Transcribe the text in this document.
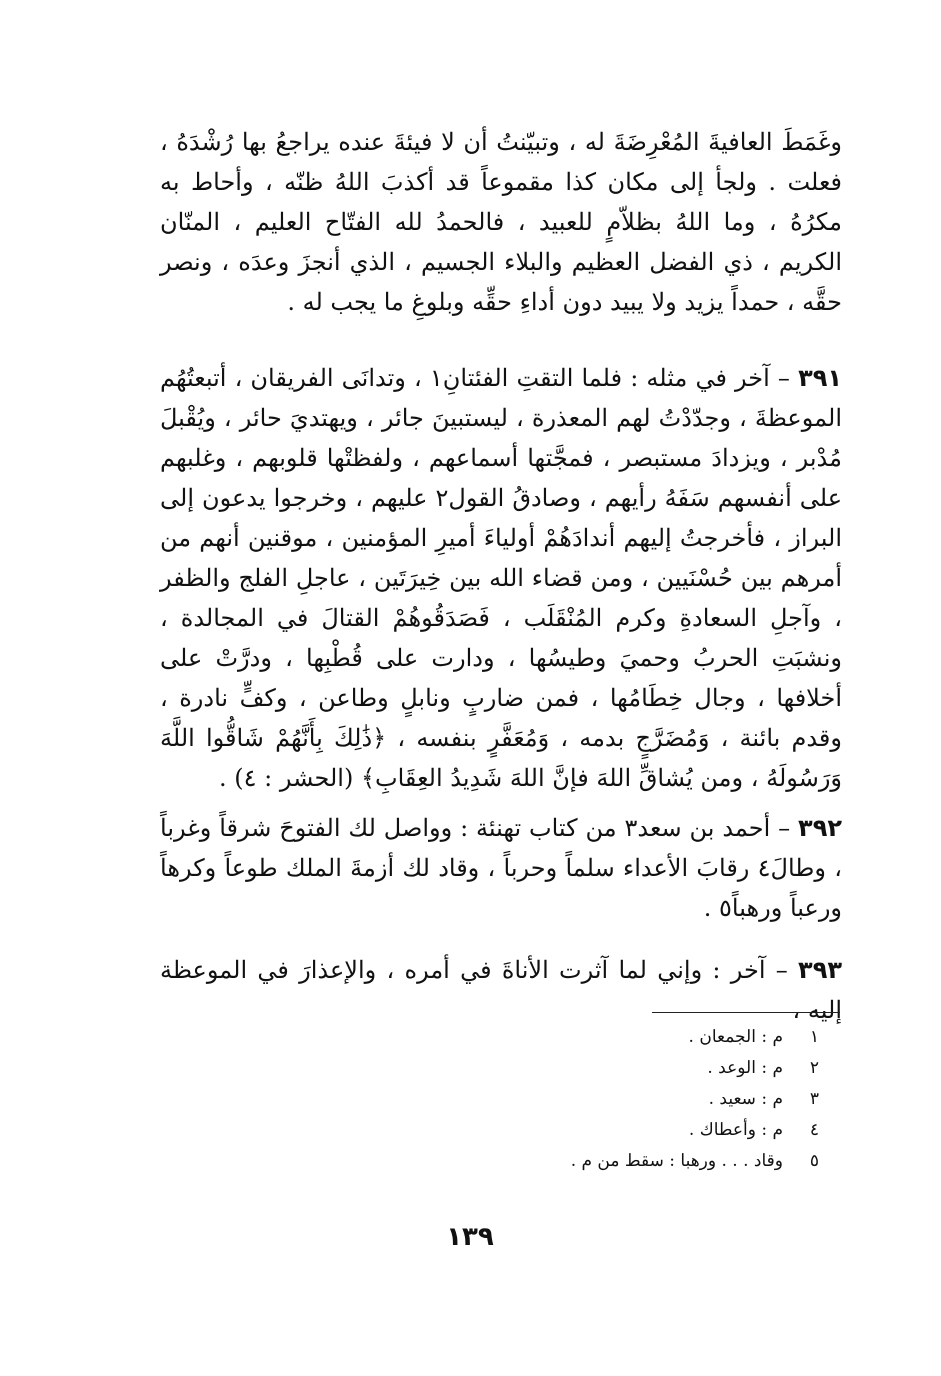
وغَمَطَ العافيةَ المُعْرِضَةَ له ، وتبيّنتُ أن لا فيئةَ عنده يراجعُ بها رُشْدَهُ ، فعلت . ولجأ إلى مكان كذا مقموعاً قد أكذبَ اللهُ ظنّه ، وأحاط به مكرُهُ ، وما اللهُ بظلاّمٍ للعبيد ، فالحمدُ لله الفتّاح العليم ، المنّان الكريم ، ذي الفضل العظيم والبلاء الجسيم ، الذي أنجزَ وعدَه ، ونصر حقَّه ، حمداً يزيد ولا يبيد دون أداءِ حقِّه وبلوغِ ما يجب له .

٣٩١ – آخر في مثله : فلما التقتِ الفئتانِ١ ، وتدانَى الفريقان ، أتبعتُهُم الموعظةَ ، وجدّدْتُ لهم المعذرة ، ليستبينَ جائر ، ويهتديَ حائر ، ويُقْبلَ مُدْبر ، ويزدادَ مستبصر ، فمجَّتها أسماعهم ، ولفظتْها قلوبهم ، وغلبهم على أنفسهم سَفَهُ رأيهم ، وصادقُ القول٢ عليهم ، وخرجوا يدعون إلى البراز ، فأخرجتُ إليهم أندادَهُمْ أولياءَ أميرِ المؤمنين ، موقنين أنهم من أمرهم بين حُسْنَيين ، ومن قضاء الله بين خِيرَتَين ، عاجلِ الفلج والظفر ، وآجلِ السعادةِ وكرم المُنْقَلَب ، فَصَدَقُوهُمْ القتالَ في المجالدة ، ونشبَتِ الحربُ وحميَ وطيسُها ، ودارت على قُطْبِها ، ودرَّتْ على أخلافها ، وجال خِطَامُها ، فمن ضاربٍ ونابلٍ وطاعن ، وكفٍّ نادرة ، وقدم بائنة ، وَمُضَرَّجٍ بدمه ، وَمُعَفَّرٍ بنفسه ، ﴿ذَٰلِكَ بِأَنَّهُمْ شَاقُّوا اللَّهَ وَرَسُولَهُ ، ومن يُشاقِّ اللهَ فإنَّ اللهَ شَدِيدُ العِقَابِ﴾ (الحشر : ٤) .

٣٩٢ – أحمد بن سعد٣ من كتاب تهنئة : وواصل لك الفتوحَ شرقاً وغرباً ، وطالَ٤ رقابَ الأعداء سلماً وحرباً ، وقاد لك أزمةَ الملك طوعاً وكرهاً ورعباً ورهباً٥ .

٣٩٣ – آخر : وإني لما آثرت الأناةَ في أمره ، والإعذارَ في الموعظة إليه ،

١
م : الجمعان .
٢
م : الوعد .
٣
م : سعيد .
٤
م : وأعطاك .
٥
وقاد . . . ورهبا : سقط من م .
١٣٩
